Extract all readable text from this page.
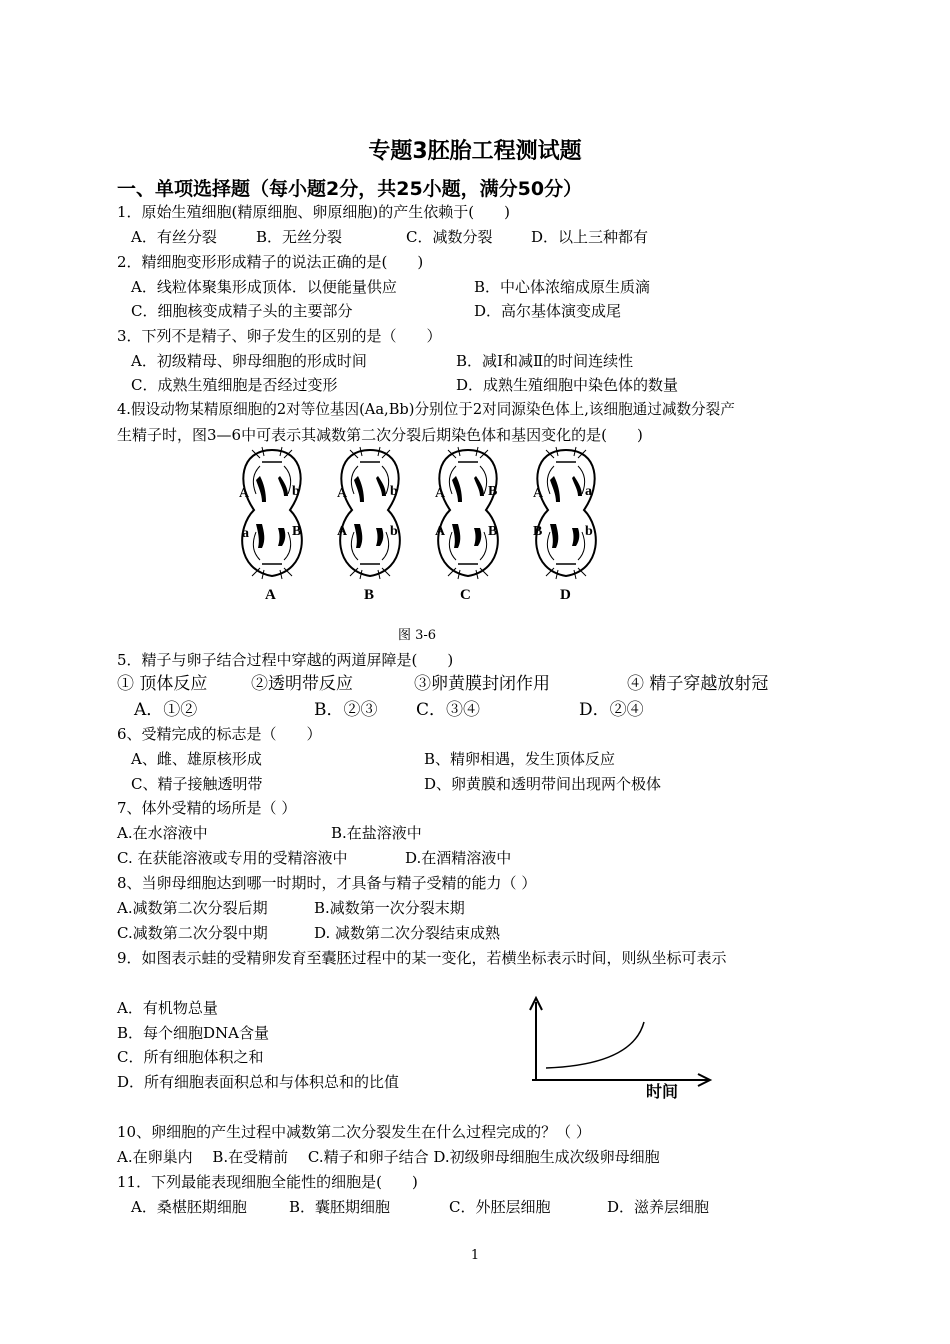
专题3胚胎工程测试题
一、单项选择题（每小题2分，共25小题，满分50分）
1．原始生殖细胞(精原细胞、卵原细胞)的产生依赖于(　　)
A．有丝分裂	B．无丝分裂	C．减数分裂	D．以上三种都有
2．精细胞变形形成精子的说法正确的是(　　)
A．线粒体聚集形成顶体．以便能量供应	B．中心体浓缩成原生质滴
C．细胞核变成精子头的主要部分	D．高尔基体演变成尾
3．下列不是精子、卵子发生的区别的是（　　）
A．初级精母、卵母细胞的形成时间	B．减Ⅰ和减Ⅱ的时间连续性
C．成熟生殖细胞是否经过变形	D．成熟生殖细胞中染色体的数量
4.假设动物某精原细胞的2对等位基因(Aa,Bb)分别位于2对同源染色体上,该细胞通过减数分裂产
生精子时，图3—6中可表示其减数第二次分裂后期染色体和基因变化的是(　　)
A	b
a	B
A	b
A	b
A	B
A	B
A	a
B	b
A	B	C	D
图 3-6
5．精子与卵子结合过程中穿越的两道屏障是(　　)
① 顶体反应	②透明带反应	③卵黄膜封闭作用	④ 精子穿越放射冠
A．①②	B．②③ C．③④	D．②④
6、受精完成的标志是（　　）
A、雌、雄原核形成	B、精卵相遇，发生顶体反应
C、精子接触透明带	D、卵黄膜和透明带间出现两个极体
7、体外受精的场所是（ ）
A.在水溶液中	B.在盐溶液中
C. 在获能溶液或专用的受精溶液中	D.在酒精溶液中
8、当卵母细胞达到哪一时期时，才具备与精子受精的能力（ ）
A.减数第二次分裂后期	B.减数第一次分裂末期
C.减数第二次分裂中期	D. 减数第二次分裂结束成熟
9．如图表示蛙的受精卵发育至囊胚过程中的某一变化，若横坐标表示时间，则纵坐标可表示
A．有机物总量
B．每个细胞DNA含量
C．所有细胞体积之和
D．所有细胞表面积总和与体积总和的比值
时间
10、卵细胞的产生过程中减数第二次分裂发生在什么过程完成的？（ ）
A.在卵巢内　 B.在受精前　 C.精子和卵子结合 D.初级卵母细胞生成次级卵母细胞
11．下列最能表现细胞全能性的细胞是(　　)
A．桑椹胚期细胞	B．囊胚期细胞	C．外胚层细胞	D．滋养层细胞
1
